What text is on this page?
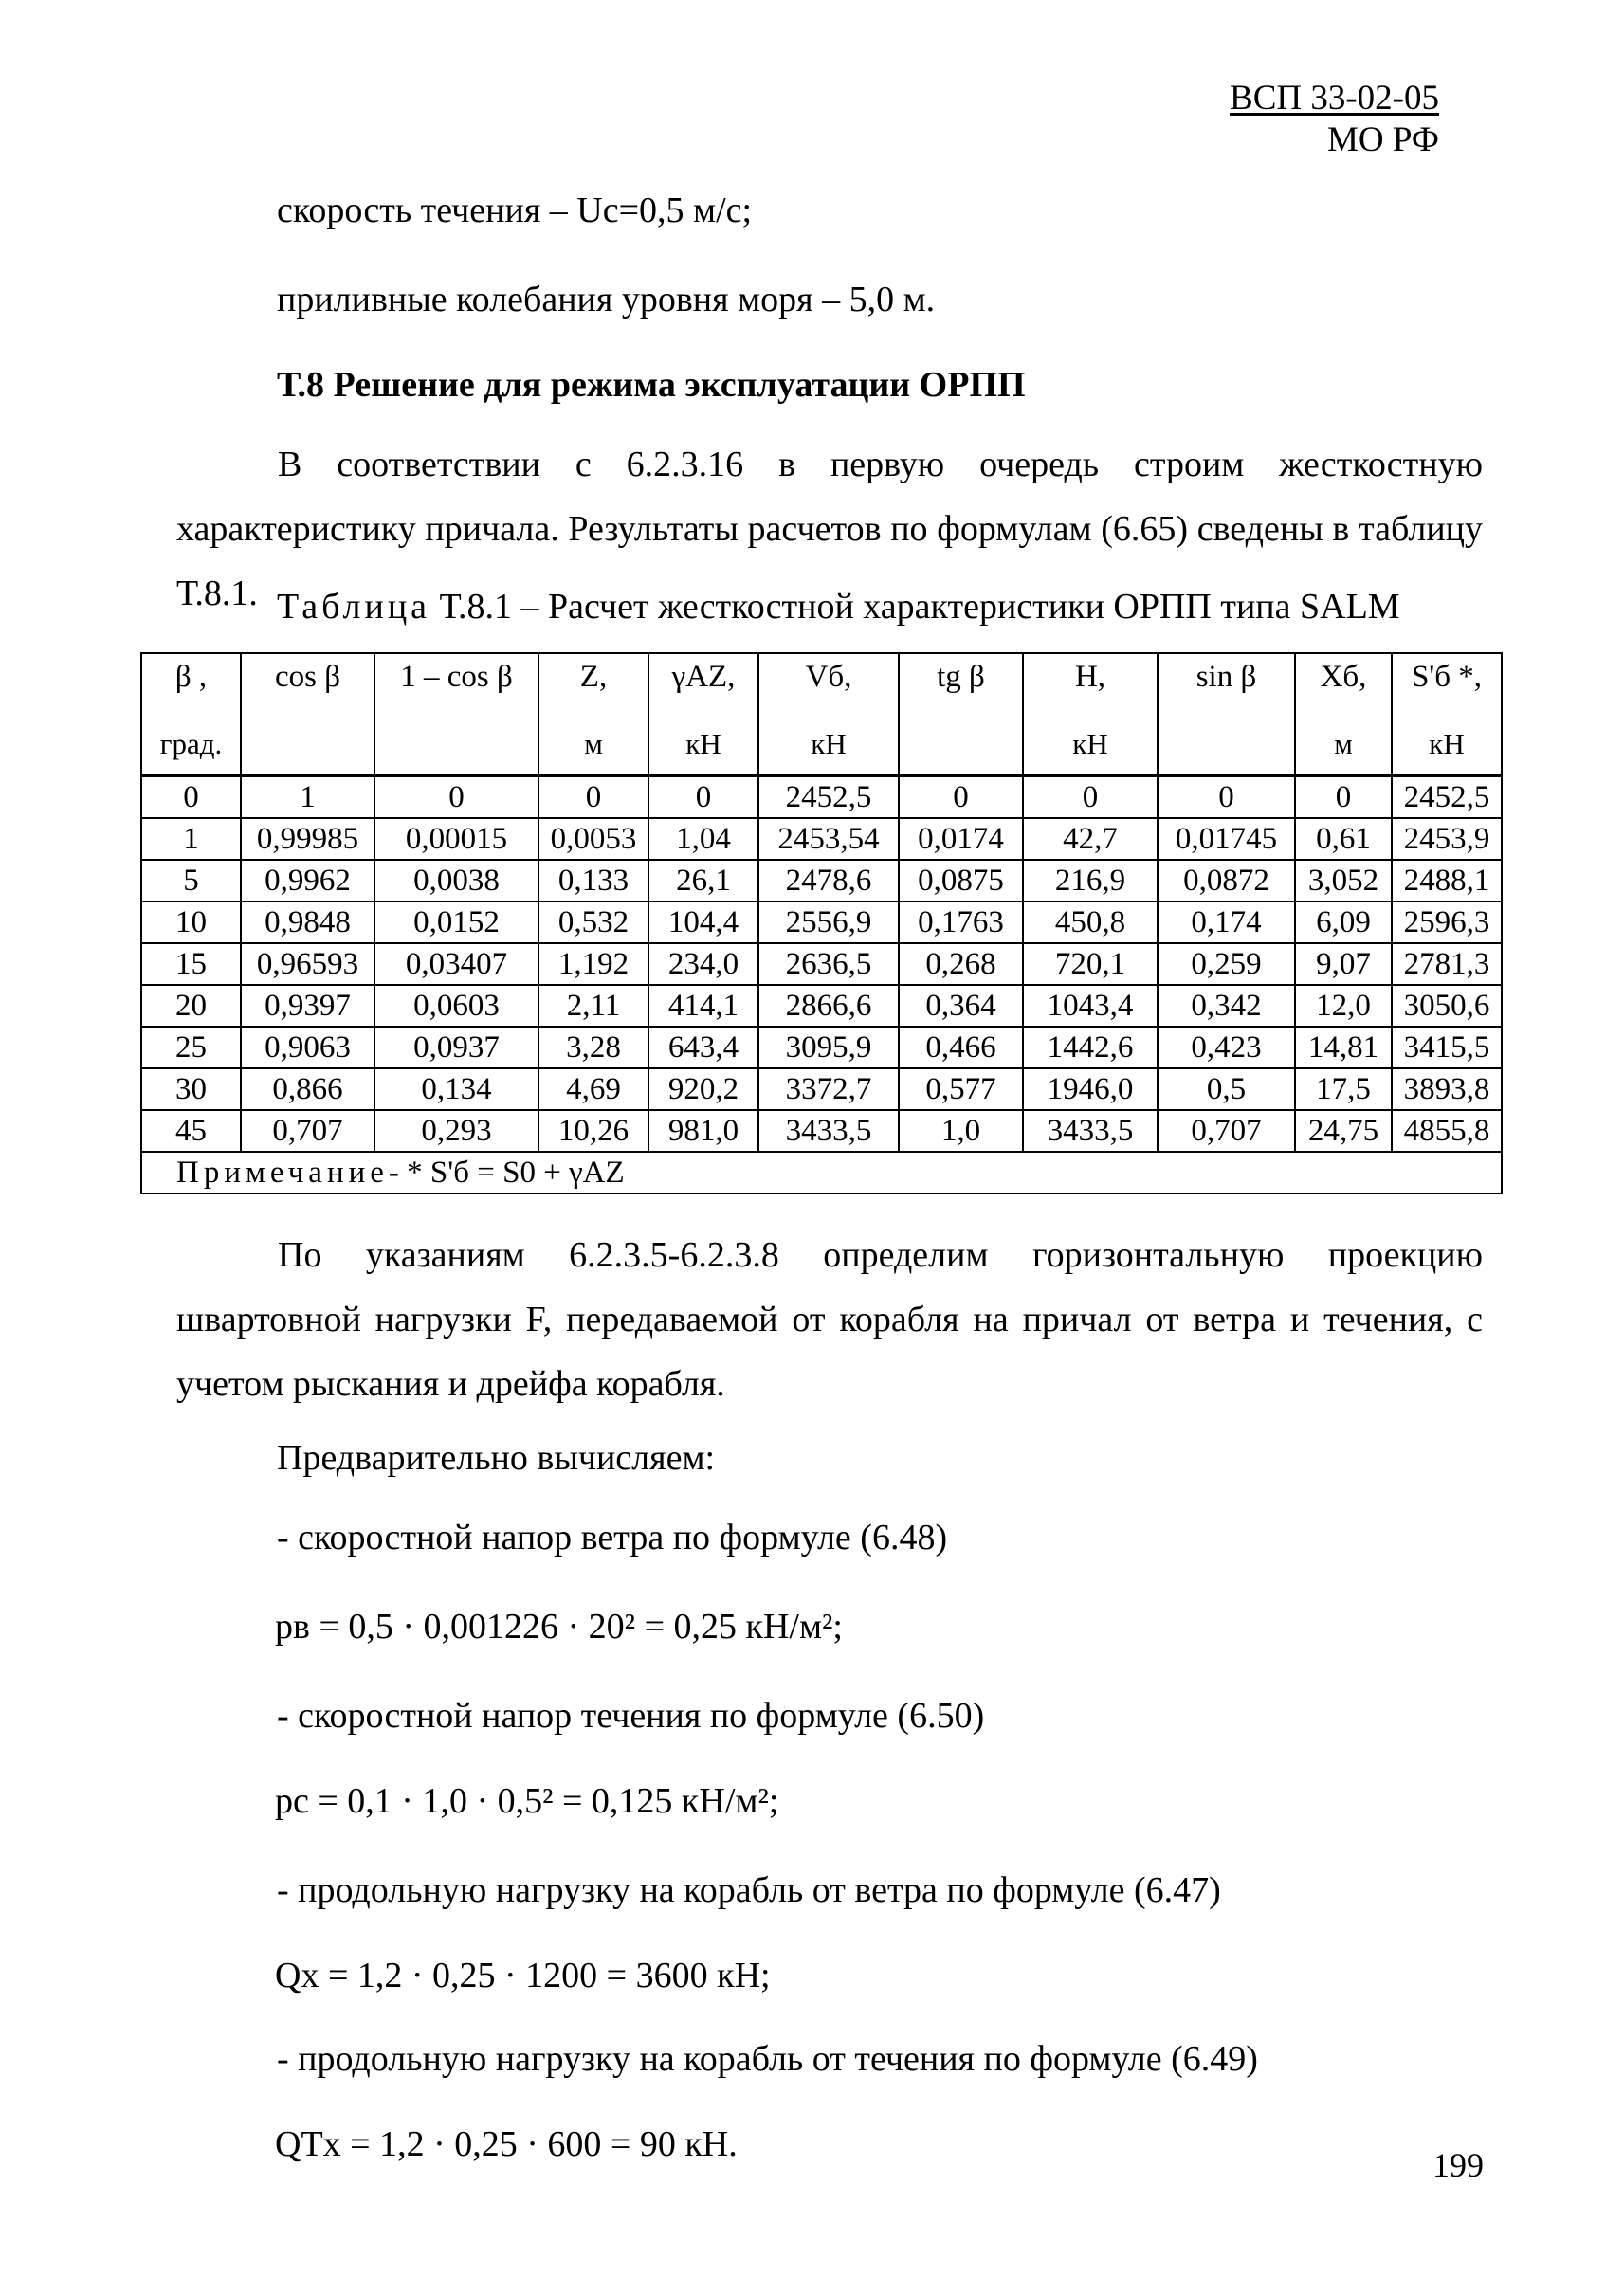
ВСП 33-02-05
МО РФ
скорость течения – Uc=0,5 м/с;
приливные колебания уровня моря – 5,0 м.
Т.8 Решение для режима эксплуатации ОРПП
В соответствии с 6.2.3.16 в первую очередь строим жесткостную характеристику причала. Результаты расчетов по формулам (6.65) сведены в таблицу Т.8.1. Таблица Т.8.1 – Расчет жесткостной характеристики ОРПП типа SALM
β ,	cos β	1 – cos β	Z,	γAZ,	Vб,	tg β	H,	sin β	Xб,	S'б *,
град.			м	кН	кН		кН		м	кН
0	1	0	0	0	2452,5	0	0	0	0	2452,5
1	0,99985	0,00015	0,0053	1,04	2453,54	0,0174	42,7	0,01745	0,61	2453,9
5	0,9962	0,0038	0,133	26,1	2478,6	0,0875	216,9	0,0872	3,052	2488,1
10	0,9848	0,0152	0,532	104,4	2556,9	0,1763	450,8	0,174	6,09	2596,3
15	0,96593	0,03407	1,192	234,0	2636,5	0,268	720,1	0,259	9,07	2781,3
20	0,9397	0,0603	2,11	414,1	2866,6	0,364	1043,4	0,342	12,0	3050,6
25	0,9063	0,0937	3,28	643,4	3095,9	0,466	1442,6	0,423	14,81	3415,5
30	0,866	0,134	4,69	920,2	3372,7	0,577	1946,0	0,5	17,5	3893,8
45	0,707	0,293	10,26	981,0	3433,5	1,0	3433,5	0,707	24,75	4855,8
Примечание- * S'б = S0 + γAZ										
По указаниям 6.2.3.5-6.2.3.8 определим горизонтальную проекцию швартовной нагрузки F, передаваемой от корабля на причал от ветра и течения, с учетом рыскания и дрейфа корабля.
Предварительно вычисляем:
- скоростной напор ветра по формуле (6.48)
pв = 0,5 · 0,001226 · 20² = 0,25 кН/м²;
- скоростной напор течения по формуле (6.50)
pc = 0,1 · 1,0 · 0,5² = 0,125 кН/м²;
- продольную нагрузку на корабль от ветра по формуле (6.47)
Qx = 1,2 · 0,25 · 1200 = 3600 кН;
- продольную нагрузку на корабль от течения по формуле (6.49)
QTx = 1,2 · 0,25 · 600 = 90 кН.
199
